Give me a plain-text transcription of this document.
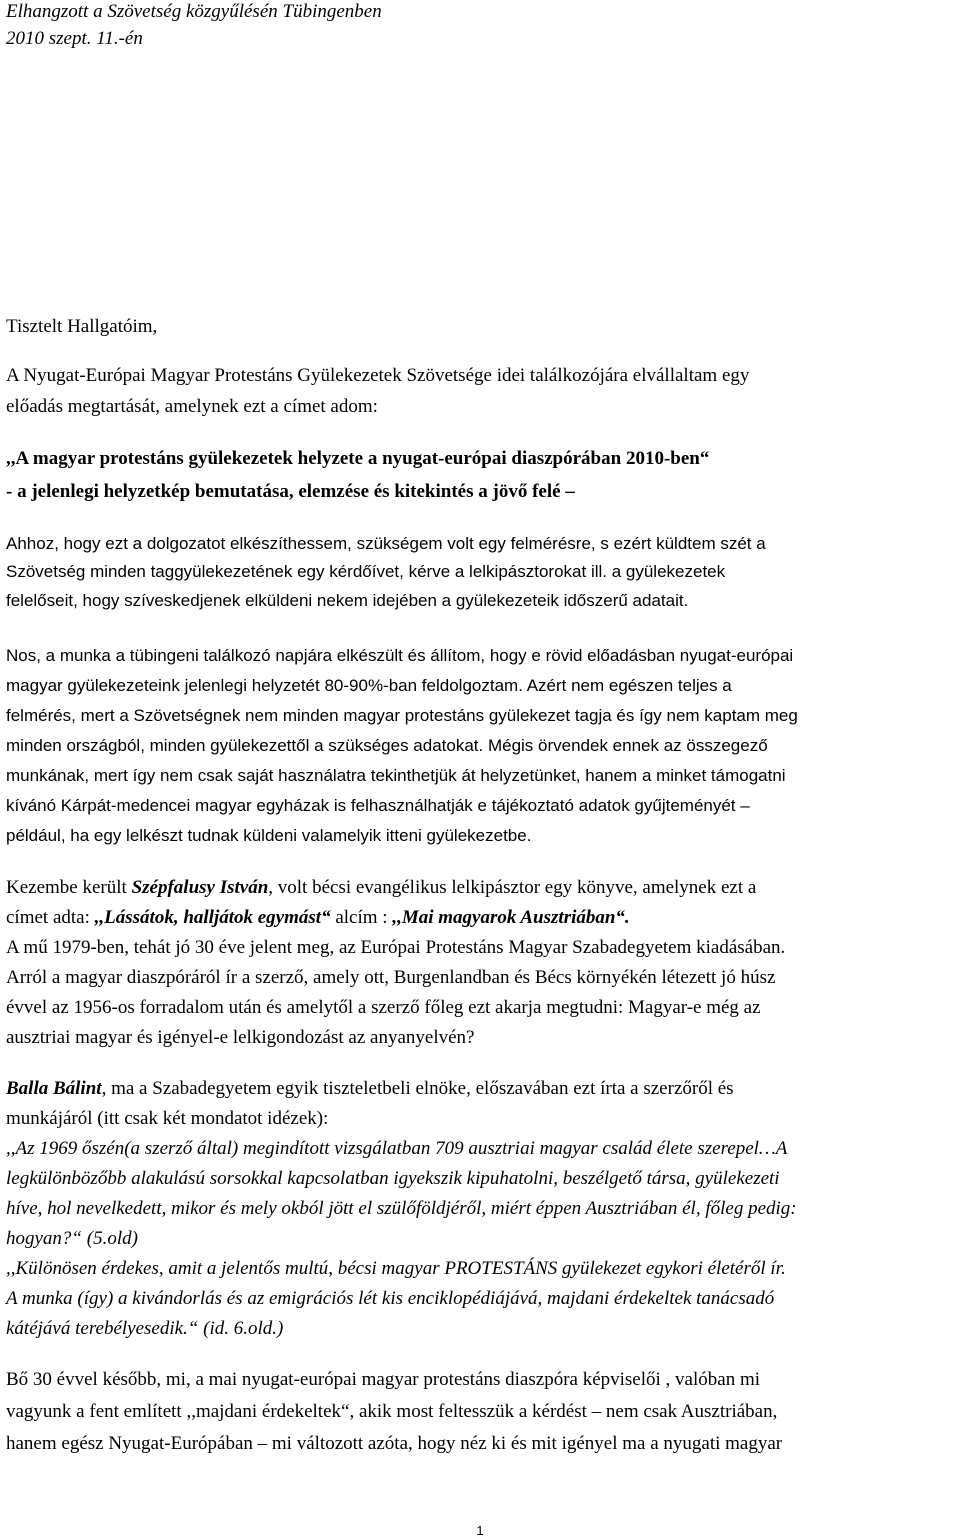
Elhangzott a Szövetség közgyűlésén Tübingenben
2010 szept. 11.-én
Tisztelt Hallgatóim,
A Nyugat-Európai Magyar Protestáns Gyülekezetek Szövetsége idei találkozójára elvállaltam egy
előadás megtartását, amelynek ezt a címet adom:
,,A magyar protestáns gyülekezetek helyzete a nyugat-európai diaszpórában 2010-ben“
- a jelenlegi helyzetkép bemutatása, elemzése és kitekintés a jövő felé –
Ahhoz, hogy ezt a dolgozatot elkészíthessem, szükségem volt egy felmérésre, s ezért küldtem szét a
Szövetség minden taggyülekezetének egy kérdőívet, kérve a lelkipásztorokat ill. a gyülekezetek
felelőseit, hogy szíveskedjenek elküldeni nekem idejében a gyülekezeteik időszerű adatait.
Nos, a munka a tübingeni találkozó napjára elkészült és állítom, hogy e rövid előadásban nyugat-európai
magyar gyülekezeteink jelenlegi helyzetét 80-90%-ban feldolgoztam. Azért nem egészen teljes a
felmérés, mert a Szövetségnek nem minden magyar protestáns gyülekezet tagja és így nem kaptam meg
minden országból, minden gyülekezettől a szükséges adatokat. Mégis örvendek ennek az összegező
munkának, mert így nem csak saját használatra tekinthetjük át helyzetünket, hanem a minket támogatni
kívánó Kárpát-medencei magyar egyházak is felhasználhatják e tájékoztató adatok gyűjteményét –
például, ha egy lelkészt tudnak küldeni valamelyik itteni gyülekezetbe.
Kezembe került Szépfalusy István, volt bécsi evangélikus lelkipásztor egy könyve, amelynek ezt a
címet adta: ,,Lássátok, halljátok egymást“ alcím : ,,Mai magyarok Ausztriában“.
A mű 1979-ben, tehát jó 30 éve jelent meg, az Európai Protestáns Magyar Szabadegyetem kiadásában.
Arról a magyar diaszpóráról ír a szerző, amely ott, Burgenlandban és Bécs környékén létezett jó húsz
évvel az 1956-os forradalom után és amelytől a szerző főleg ezt akarja megtudni: Magyar-e még az
ausztriai magyar és igényel-e lelkigondozást az anyanyelvén?
Balla Bálint, ma a Szabadegyetem egyik tiszteletbeli elnöke, előszavában ezt írta a szerzőről és
munkájáról (itt csak két mondatot idézek):
,,Az 1969 őszén(a szerző által) megindított vizsgálatban 709 ausztriai magyar család élete szerepel…A
legkülönbözőbb alakulású sorsokkal kapcsolatban igyekszik kipuhatolni, beszélgető társa, gyülekezeti
híve, hol nevelkedett, mikor és mely okból jött el szülőföldjéről, miért éppen Ausztriában él, főleg pedig:
hogyan?“ (5.old)
,,Különösen érdekes, amit a jelentős multú, bécsi magyar PROTESTÁNS gyülekezet egykori életéről ír.
A munka (így) a kivándorlás és az emigrációs lét kis enciklopédiájává, majdani érdekeltek tanácsadó
kátéjává terebélyesedik.“ (id. 6.old.)
Bő 30 évvel később, mi, a mai nyugat-európai magyar protestáns diaszpóra képviselői , valóban mi
vagyunk a fent említett ,,majdani érdekeltek“, akik most feltesszük a kérdést – nem csak Ausztriában,
hanem egész Nyugat-Európában – mi változott azóta, hogy néz ki és mit igényel ma a nyugati magyar
1
